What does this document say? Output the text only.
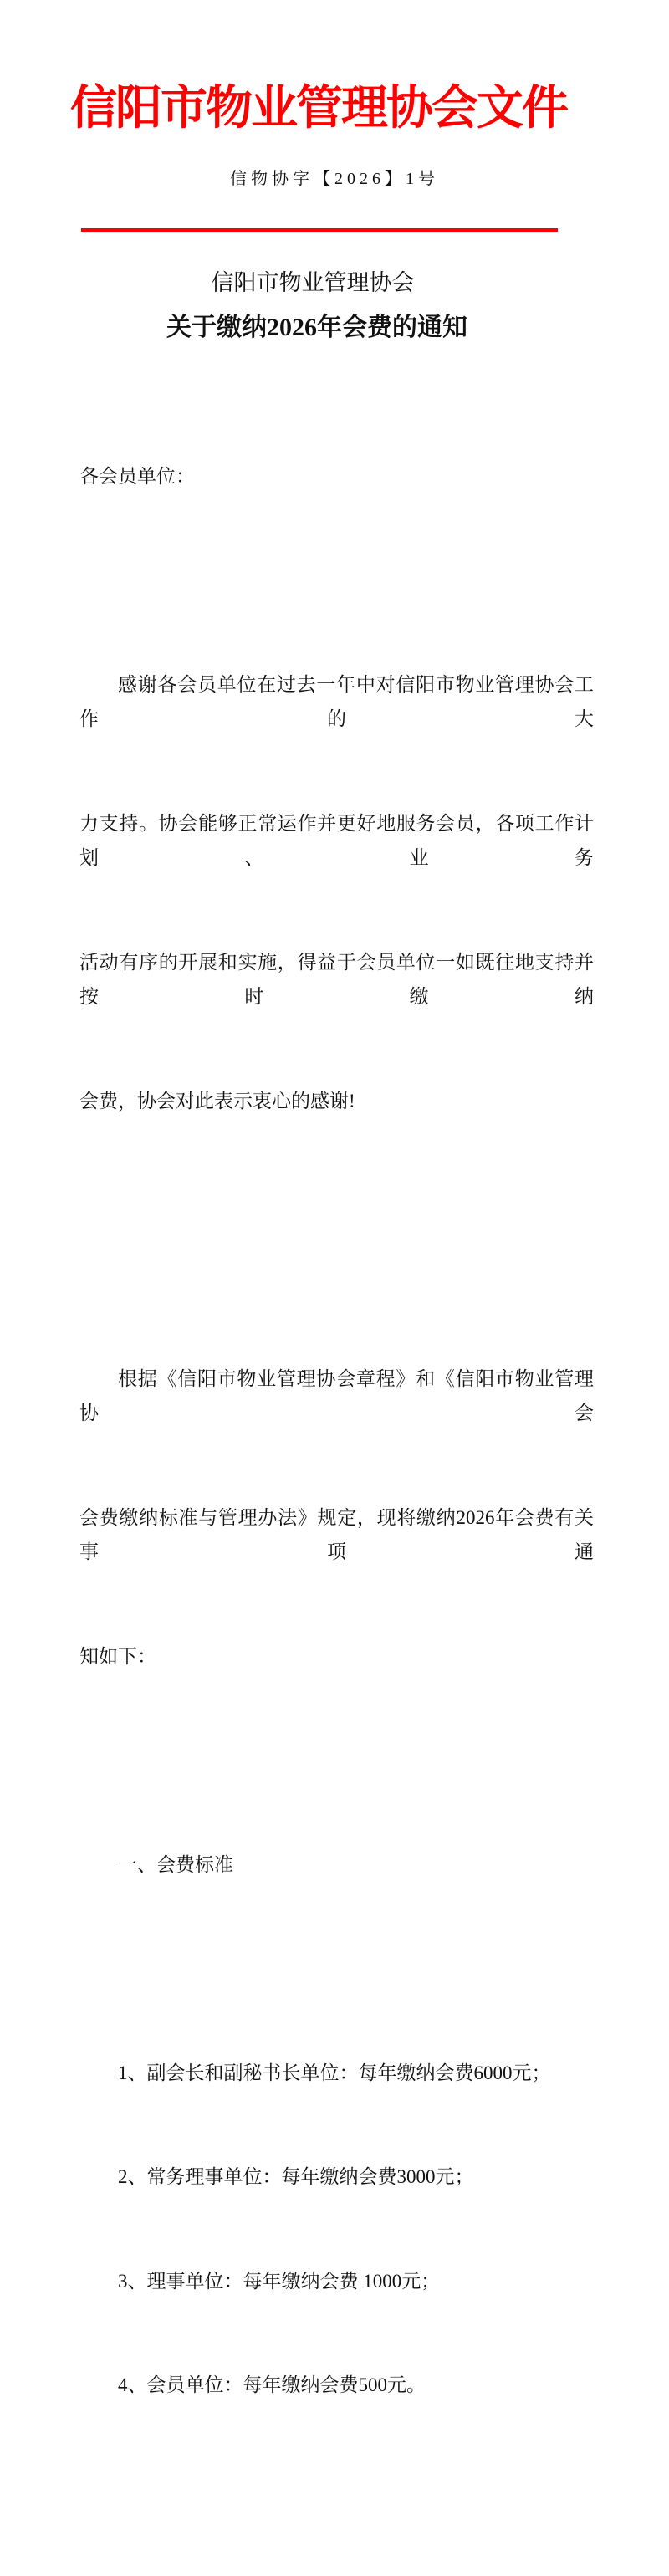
信阳市物业管理协会文件
信物协字【2026】1号
信阳市物业管理协会
关于缴纳2026年会费的通知

各会员单位：

感谢各会员单位在过去一年中对信阳市物业管理协会工作的大

力支持。协会能够正常运作并更好地服务会员，各项工作计划、业务

活动有序的开展和实施，得益于会员单位一如既往地支持并按时缴纳

会费，协会对此表示衷心的感谢!

根据《信阳市物业管理协会章程》和《信阳市物业管理协会

会费缴纳标准与管理办法》规定，现将缴纳2026年会费有关事项通

知如下：

一、会费标准

1、副会长和副秘书长单位：每年缴纳会费6000元；

2、常务理事单位：每年缴纳会费3000元；

3、理事单位：每年缴纳会费 1000元；

4、会员单位：每年缴纳会费500元。
